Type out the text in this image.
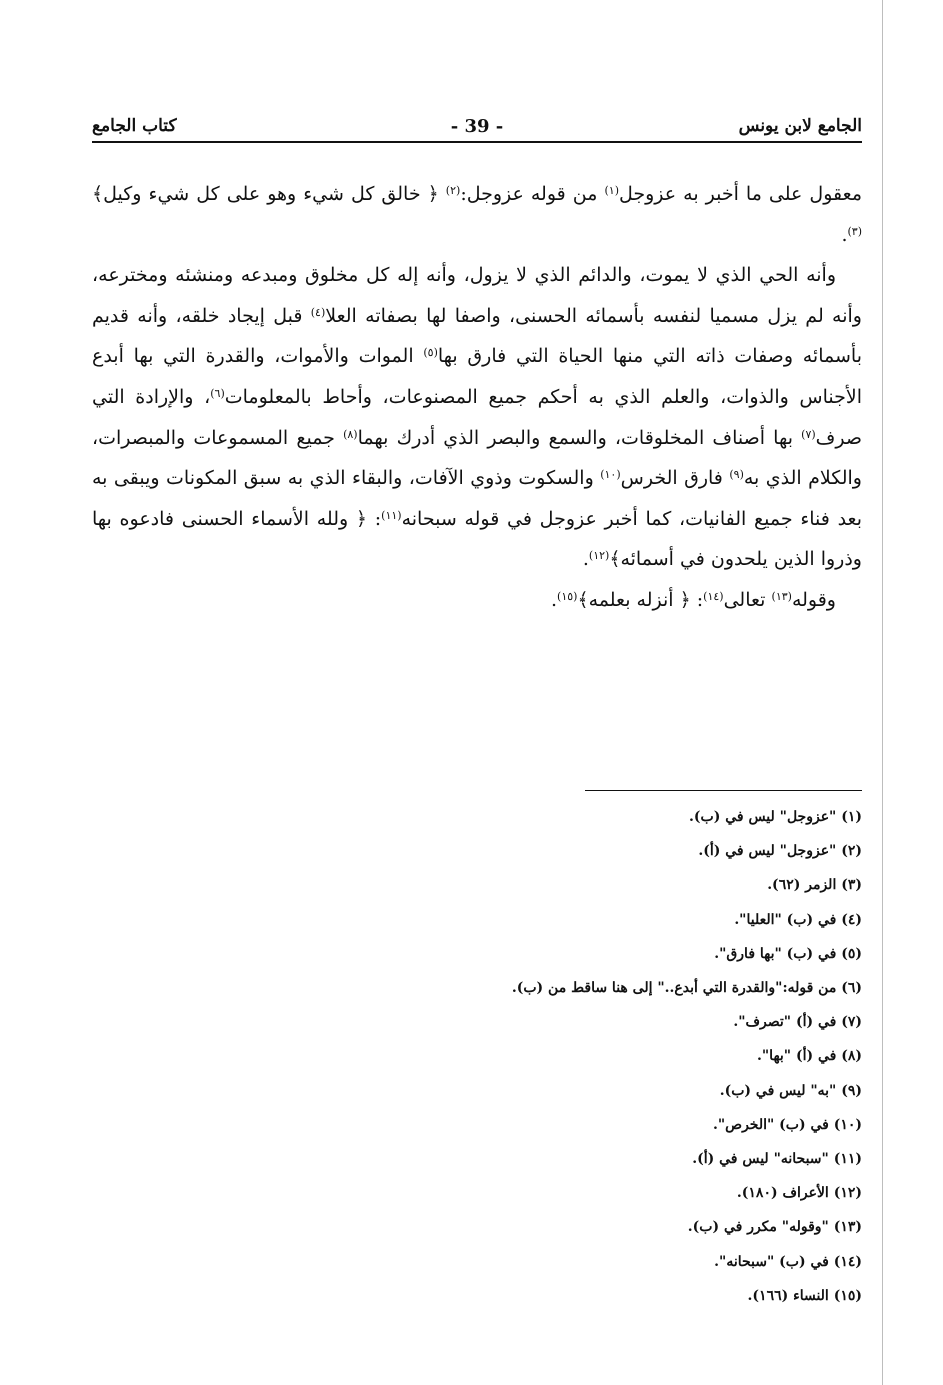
الجامع لابن يونس
- 39 -
كتاب الجامع

معقول على ما أخبر به عزوجل$^{(١)}$ من قوله عزوجل:$^{(٢)}$ ﴿ خالق كل شيء وهو على كل شيء وكيل﴾$^{(٣)}$.

وأنه الحي الذي لا يموت، والدائم الذي لا يزول، وأنه إله كل مخلوق ومبدعه ومنشئه ومخترعه، وأنه لم يزل مسميا لنفسه بأسمائه الحسنى، واصفا لها بصفاته العلا$^{(٤)}$ قبل إيجاد خلقه، وأنه قديم بأسمائه وصفات ذاته التي منها الحياة التي فارق بها$^{(٥)}$ الموات والأموات، والقدرة التي بها أبدع الأجناس والذوات، والعلم الذي به أحكم جميع المصنوعات، وأحاط بالمعلومات$^{(٦)}$، والإرادة التي صرف$^{(٧)}$ بها أصناف المخلوقات، والسمع والبصر الذي أدرك بهما$^{(٨)}$ جميع المسموعات والمبصرات، والكلام الذي به$^{(٩)}$ فارق الخرس$^{(١٠)}$ والسكوت وذوي الآفات، والبقاء الذي به سبق المكونات ويبقى به بعد فناء جميع الفانيات، كما أخبر عزوجل في قوله سبحانه$^{(١١)}$: ﴿ ولله الأسماء الحسنى فادعوه بها وذروا الذين يلحدون في أسمائه﴾$^{(١٢)}$.

وقوله$^{(١٣)}$ تعالى$^{(١٤)}$: ﴿ أنزله بعلمه﴾$^{(١٥)}$.

(١) "عزوجل" ليس في (ب).
(٢) "عزوجل" ليس في (أ).
(٣) الزمر (٦٢).
(٤) في (ب) "العليا".
(٥) في (ب) "بها فارق".
(٦) من قوله:"والقدرة التي أبدع.." إلى هنا ساقط من (ب).
(٧) في (أ) "تصرف".
(٨) في (أ) "بها".
(٩) "به" ليس في (ب).
(١٠) في (ب) "الخرص".
(١١) "سبحانه" ليس في (أ).
(١٢) الأعراف (١٨٠).
(١٣) "وقوله" مكرر في (ب).
(١٤) في (ب) "سبحانه".
(١٥) النساء (١٦٦).
